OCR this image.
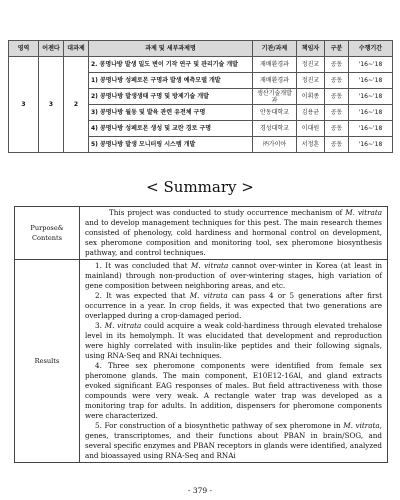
영역	어젠다	대과제	과제 및 세부과제명	기관/과제	책임자	구분	수행기간
3	3	2	2. 콩명나방 발생 밀도 변이 기작 연구 및 관리기술 개발	재배환경과	정진교	공동	'16~'18
			1) 콩명나방 성페로몬 구명과 발생 예측모델 개발	재배환경과	정진교	공동	'16~'18
			2) 콩명나방 발생생태 구명 및 방제기술 개발	생산기술개발과	이휘종	공동	'16~'18
			3) 콩명나방 월동 및 발육 관련 유전체 구명	안동대학교	김용균	공동	'16~'18
			4) 콩명나방 성페로몬 생성 및 교란 경로 구명	경성대학교	이대원	공동	'16~'18
			5) 콩명나방 발생 모니터링 시스템 개발	㈜가이아	서정혼	공동	'16~'18
< Summary >
Purpose& Contents	This project was conducted to study occurrence mechanism of M. vitrata and to develop management techniques for this pest. The main research themes consisted of phenology, cold hardiness and hormonal control on development, sex pheromone composition and monitoring tool, sex pheromone biosynthesis pathway, and control techniques.

Results	1. It was concluded that M. vitrata cannot over-winter in Korea (at least in mainland) through non-production of over-wintering stages, high variation of gene composition between neighboring areas, and etc.

2. It was expected that M. vitrata can pass 4 or 5 generations after first occurrence in a year. In crop fields, it was expected that two generations are overlapped during a crop-damaged period.

3. M. vitrata could acquire a weak cold-hardiness through elevated trehalose level in its hemolymph. It was elucidated that development and reproduction were highly correlated with insulin-like peptides and their following signals, using RNA-Seq and RNAi techniques.

4. Three sex pheromone components were identified from female sex pheromone glands. The main component, E10E12-16Al, and gland extracts evoked significant EAG responses of males. But field attractiveness with those compounds were very weak. A rectangle water trap was developed as a monitoring trap for adults. In addition, dispensers for pheromone components were characterized.

5. For construction of a biosynthetic pathway of sex pheromone in M. vitrata, genes, transcriptomes, and their functions about PBAN in brain/SOG, and several specific enzymes and PBAN receptors in glands were identified, analyzed and bioassayed using RNA-Seq and RNAi

- 379 -
